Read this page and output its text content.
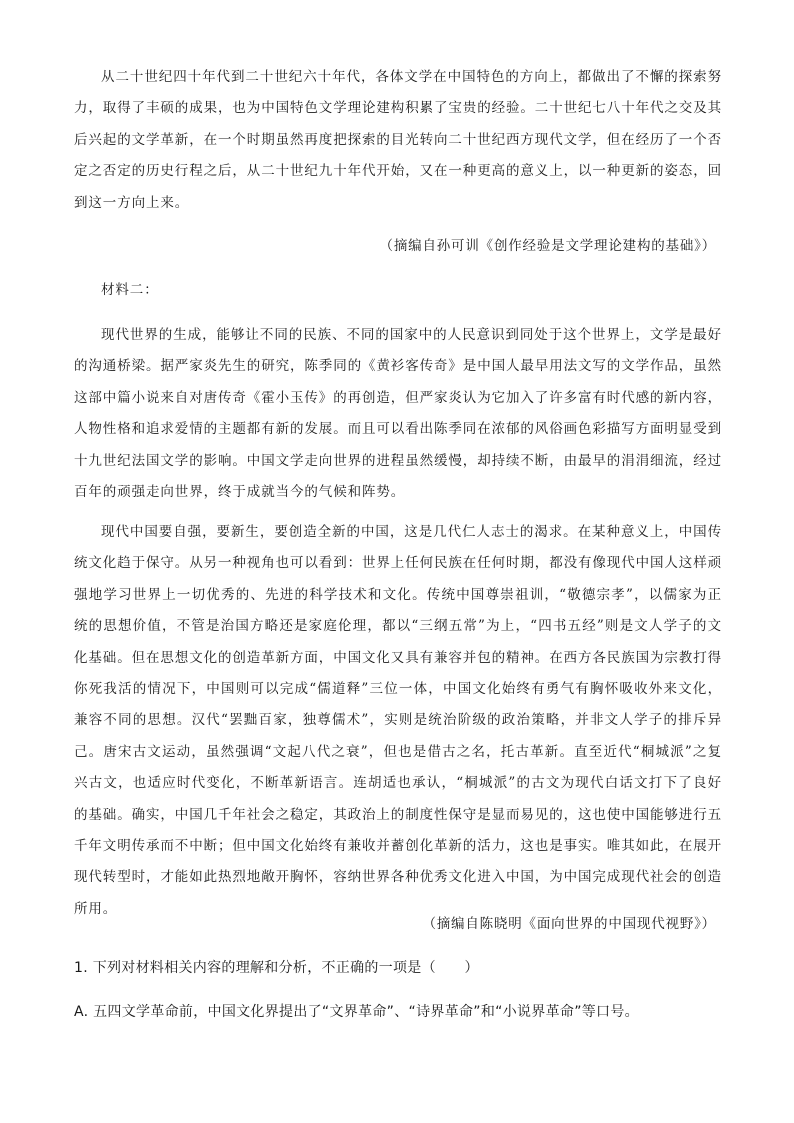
从二十世纪四十年代到二十世纪六十年代，各体文学在中国特色的方向上，都做出了不懈的探索努力，取得了丰硕的成果，也为中国特色文学理论建构积累了宝贵的经验。二十世纪七八十年代之交及其后兴起的文学革新，在一个时期虽然再度把探索的目光转向二十世纪西方现代文学，但在经历了一个否定之否定的历史行程之后，从二十世纪九十年代开始，又在一种更高的意义上，以一种更新的姿态，回到这一方向上来。

（摘编自孙可训《创作经验是文学理论建构的基础》）

材料二：

现代世界的生成，能够让不同的民族、不同的国家中的人民意识到同处于这个世界上，文学是最好的沟通桥梁。据严家炎先生的研究，陈季同的《黄衫客传奇》是中国人最早用法文写的文学作品，虽然这部中篇小说来自对唐传奇《霍小玉传》的再创造，但严家炎认为它加入了许多富有时代感的新内容，人物性格和追求爱情的主题都有新的发展。而且可以看出陈季同在浓郁的风俗画色彩描写方面明显受到十九世纪法国文学的影响。中国文学走向世界的进程虽然缓慢，却持续不断，由最早的涓涓细流，经过百年的顽强走向世界，终于成就当今的气候和阵势。

现代中国要自强，要新生，要创造全新的中国，这是几代仁人志士的渴求。在某种意义上，中国传统文化趋于保守。从另一种视角也可以看到：世界上任何民族在任何时期，都没有像现代中国人这样顽强地学习世界上一切优秀的、先进的科学技术和文化。传统中国尊崇祖训，“敬德宗孝”，以儒家为正统的思想价值，不管是治国方略还是家庭伦理，都以“三纲五常”为上，“四书五经”则是文人学子的文化基础。但在思想文化的创造革新方面，中国文化又具有兼容并包的精神。在西方各民族国为宗教打得你死我活的情况下，中国则可以完成“儒道释”三位一体，中国文化始终有勇气有胸怀吸收外来文化，兼容不同的思想。汉代“罢黜百家，独尊儒术”，实则是统治阶级的政治策略，并非文人学子的排斥异己。唐宋古文运动，虽然强调“文起八代之衰”，但也是借古之名，托古革新。直至近代“桐城派”之复兴古文，也适应时代变化，不断革新语言。连胡适也承认，“桐城派”的古文为现代白话文打下了良好的基础。确实，中国几千年社会之稳定，其政治上的制度性保守是显而易见的，这也使中国能够进行五千年文明传承而不中断；但中国文化始终有兼收并蓄创化革新的活力，这也是事实。唯其如此，在展开现代转型时，才能如此热烈地敞开胸怀，容纳世界各种优秀文化进入中国，为中国完成现代社会的创造所用。

（摘编自陈晓明《面向世界的中国现代视野》）

1. 下列对材料相关内容的理解和分析，不正确的一项是（　　）

A. 五四文学革命前，中国文化界提出了“文界革命”、“诗界革命”和“小说界革命”等口号。
